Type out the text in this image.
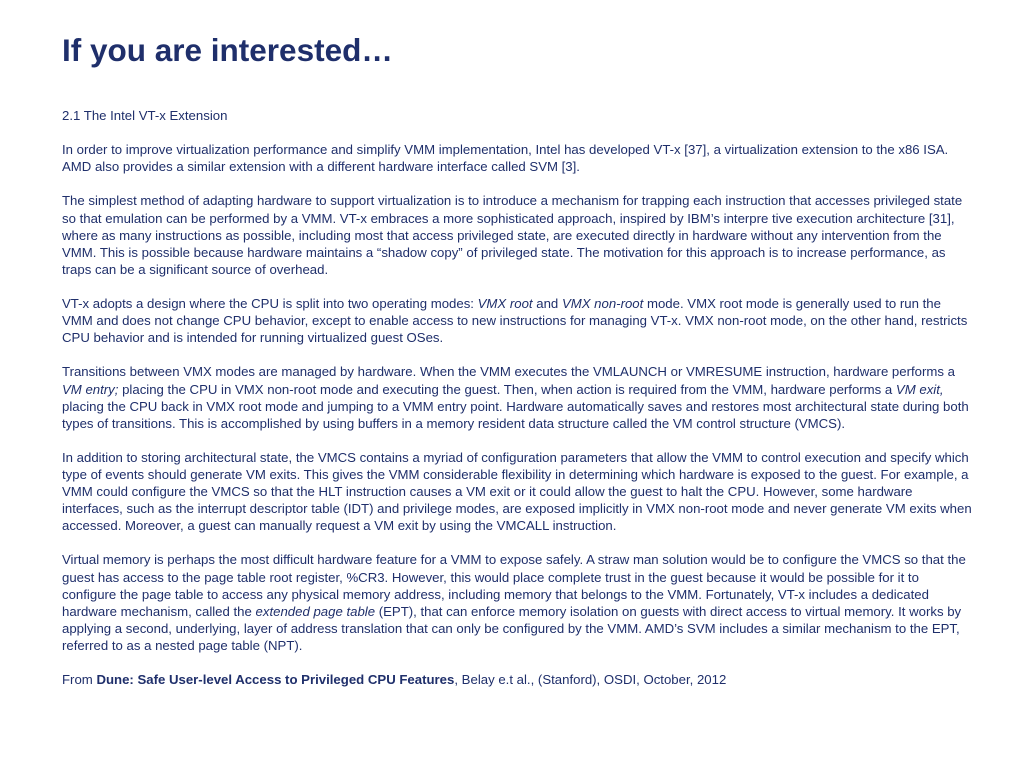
If you are interested…

2.1 The Intel VT-x Extension

In order to improve virtualization performance and simplify VMM implementation, Intel has developed VT-x [37], a virtualization extension to the x86 ISA. AMD also provides a similar extension with a different hardware interface called SVM [3].

The simplest method of adapting hardware to support virtualization is to introduce a mechanism for trapping each instruction that accesses privileged state so that emulation can be performed by a VMM. VT-x embraces a more sophisticated approach, inspired by IBM’s interpre tive execution architecture [31], where as many instructions as possible, including most that access privileged state, are executed directly in hardware without any intervention from the VMM. This is possible because hardware maintains a “shadow copy” of privileged state. The motivation for this approach is to increase performance, as traps can be a significant source of overhead.

VT-x adopts a design where the CPU is split into two operating modes: VMX root and VMX non-root mode. VMX root mode is generally used to run the VMM and does not change CPU behavior, except to enable access to new instructions for managing VT-x. VMX non-root mode, on the other hand, restricts CPU behavior and is intended for running virtualized guest OSes.

Transitions between VMX modes are managed by hardware. When the VMM executes the VMLAUNCH or VMRESUME instruction, hardware performs a VM entry; placing the CPU in VMX non-root mode and executing the guest. Then, when action is required from the VMM, hardware performs a VM exit, placing the CPU back in VMX root mode and jumping to a VMM entry point. Hardware automatically saves and restores most architectural state during both types of transitions. This is accomplished by using buffers in a memory resident data structure called the VM control structure (VMCS).

In addition to storing architectural state, the VMCS contains a myriad of configuration parameters that allow the VMM to control execution and specify which type of events should generate VM exits. This gives the VMM considerable flexibility in determining which hardware is exposed to the guest. For example, a VMM could configure the VMCS so that the HLT instruction causes a VM exit or it could allow the guest to halt the CPU. However, some hardware interfaces, such as the interrupt descriptor table (IDT) and privilege modes, are exposed implicitly in VMX non-root mode and never generate VM exits when accessed. Moreover, a guest can manually request a VM exit by using the VMCALL instruction.

Virtual memory is perhaps the most difficult hardware feature for a VMM to expose safely. A straw man solution would be to configure the VMCS so that the guest has access to the page table root register, %CR3. However, this would place complete trust in the guest because it would be possible for it to configure the page table to access any physical memory address, including memory that belongs to the VMM. Fortunately, VT-x includes a dedicated hardware mechanism, called the extended page table (EPT), that can enforce memory isolation on guests with direct access to virtual memory. It works by applying a second, underlying, layer of address translation that can only be configured by the VMM. AMD’s SVM includes a similar mechanism to the EPT, referred to as a nested page table (NPT).

From Dune: Safe User-level Access to Privileged CPU Features, Belay e.t al., (Stanford), OSDI, October, 2012
